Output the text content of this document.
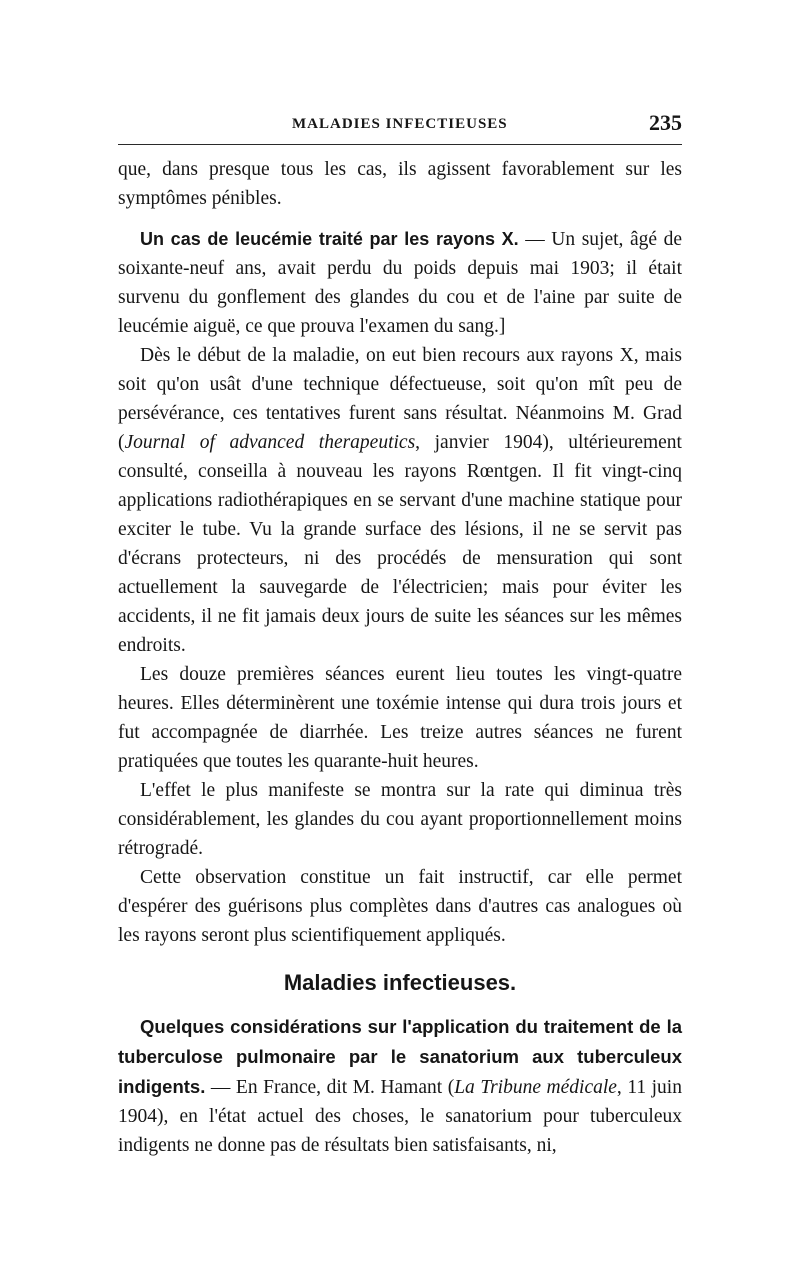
MALADIES INFECTIEUSES	235

que, dans presque tous les cas, ils agissent favorablement sur les symptômes pénibles.

Un cas de leucémie traité par les rayons X. — Un sujet, âgé de soixante-neuf ans, avait perdu du poids depuis mai 1903; il était survenu du gonflement des glandes du cou et de l'aine par suite de leucémie aiguë, ce que prouva l'examen du sang.]

Dès le début de la maladie, on eut bien recours aux rayons X, mais soit qu'on usât d'une technique défectueuse, soit qu'on mît peu de persévérance, ces tentatives furent sans résultat. Néanmoins M. Grad (Journal of advanced therapeutics, janvier 1904), ultérieurement consulté, conseilla à nouveau les rayons Rœntgen. Il fit vingt-cinq applications radiothérapiques en se servant d'une machine statique pour exciter le tube. Vu la grande surface des lésions, il ne se servit pas d'écrans protecteurs, ni des procédés de mensuration qui sont actuellement la sauvegarde de l'électricien; mais pour éviter les accidents, il ne fit jamais deux jours de suite les séances sur les mêmes endroits.

Les douze premières séances eurent lieu toutes les vingt-quatre heures. Elles déterminèrent une toxémie intense qui dura trois jours et fut accompagnée de diarrhée. Les treize autres séances ne furent pratiquées que toutes les quarante-huit heures.

L'effet le plus manifeste se montra sur la rate qui diminua très considérablement, les glandes du cou ayant proportionnellement moins rétrogradé.

Cette observation constitue un fait instructif, car elle permet d'espérer des guérisons plus complètes dans d'autres cas analogues où les rayons seront plus scientifiquement appliqués.

Maladies infectieuses.

Quelques considérations sur l'application du traitement de la tuberculose pulmonaire par le sanatorium aux tuberculeux indigents. — En France, dit M. Hamant (La Tribune médicale, 11 juin 1904), en l'état actuel des choses, le sanatorium pour tuberculeux indigents ne donne pas de résultats bien satisfaisants, ni,
